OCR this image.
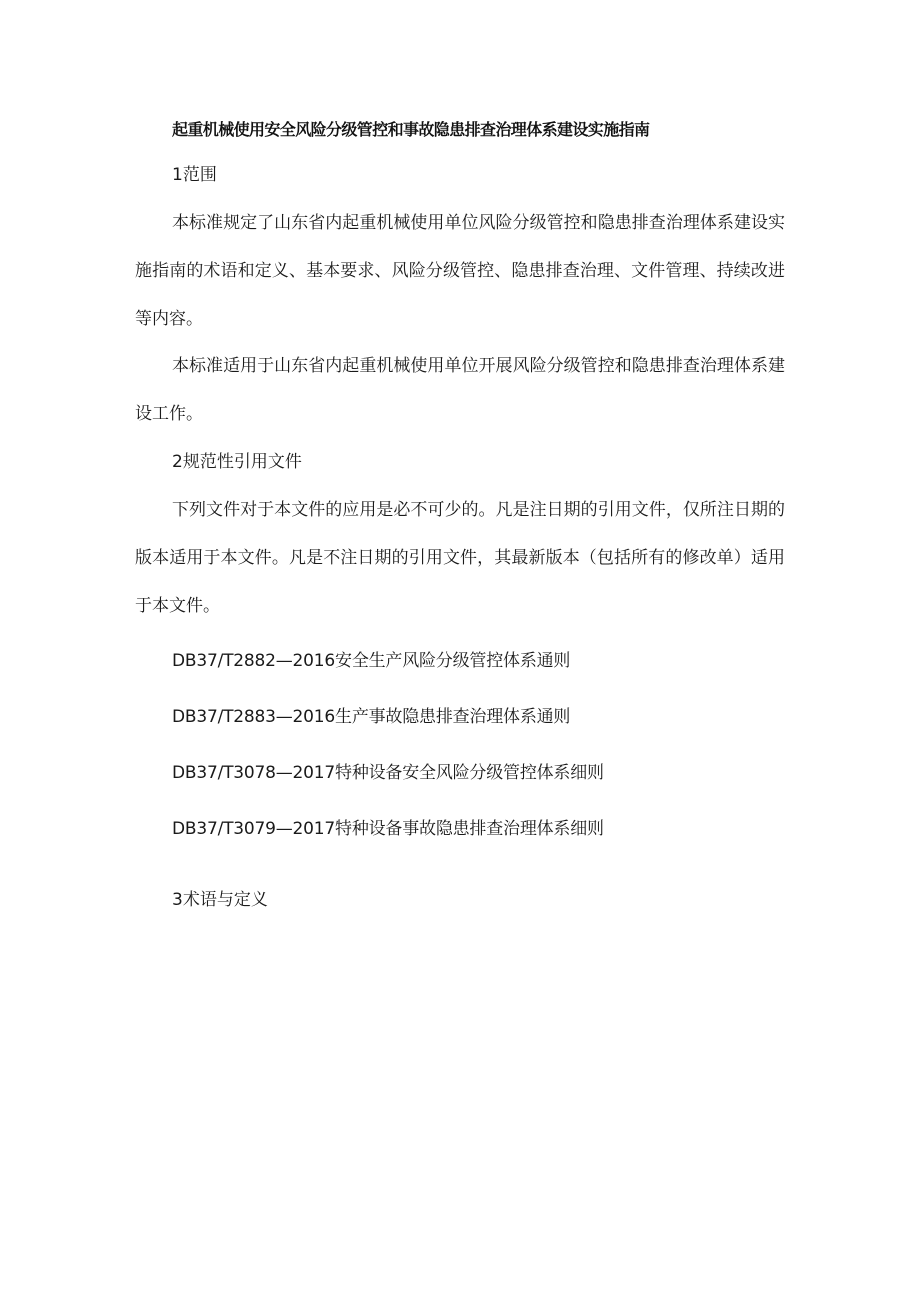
起重机械使用安全风险分级管控和事故隐患排查治理体系建设实施指南
1范围

本标准规定了山东省内起重机械使用单位风险分级管控和隐患排查治理体系建设实施指南的术语和定义、基本要求、风险分级管控、隐患排查治理、文件管理、持续改进等内容。

本标准适用于山东省内起重机械使用单位开展风险分级管控和隐患排查治理体系建设工作。

2规范性引用文件

下列文件对于本文件的应用是必不可少的。凡是注日期的引用文件，仅所注日期的版本适用于本文件。凡是不注日期的引用文件，其最新版本（包括所有的修改单）适用于本文件。

DB37/T2882—2016安全生产风险分级管控体系通则
DB37/T2883—2016生产事故隐患排查治理体系通则
DB37/T3078—2017特种设备安全风险分级管控体系细则
DB37/T3079—2017特种设备事故隐患排查治理体系细则
3术语与定义
